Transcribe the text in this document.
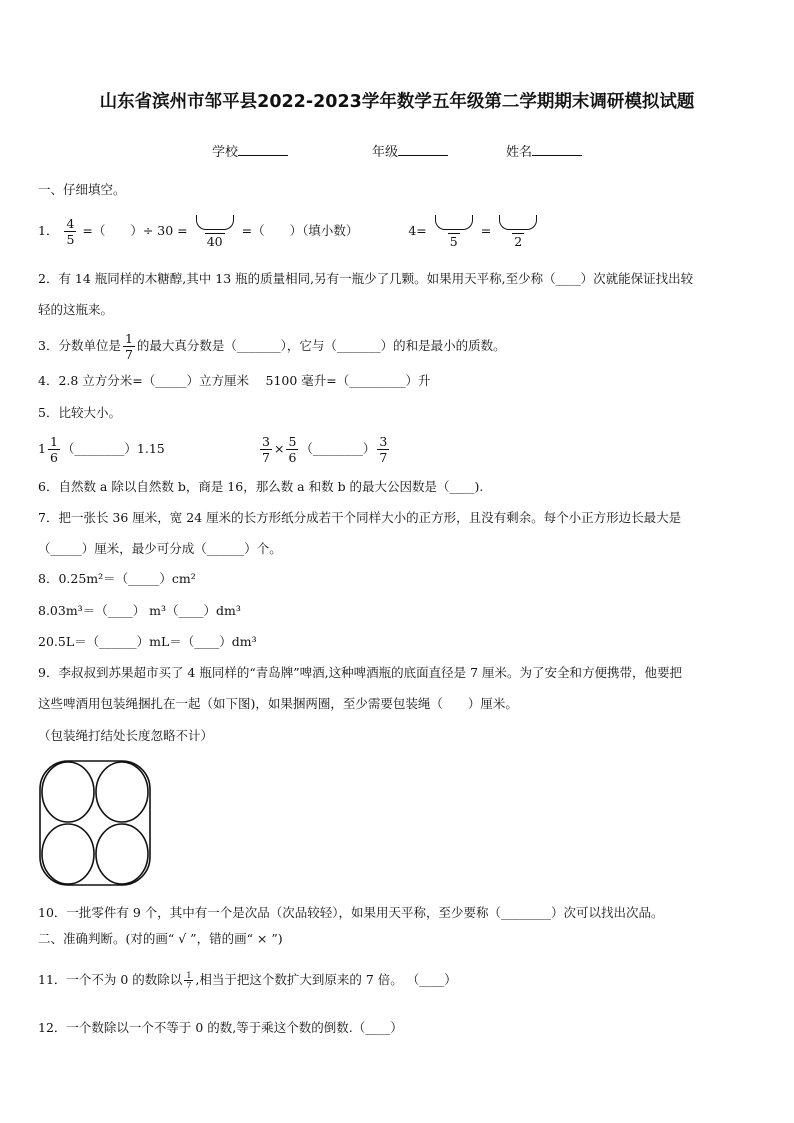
山东省滨州市邹平县2022-2023学年数学五年级第二学期期末调研模拟试题
学校	年级	姓名
一、仔细填空。
1． $\frac{4}{5}$ =（　　）÷ 30 =
40
=（　　）（填小数）	4=
5
=
2
2．有 14 瓶同样的木糖醇,其中 13 瓶的质量相同,另有一瓶少了几颗。如果用天平称,至少称（____）次就能保证找出较
轻的这瓶来。
3．分数单位是 $\frac{1}{7}$ 的最大真分数是（_______），它与（_______）的和是最小的质数。
4．2.8 立方分米=（_____）立方厘米　 5100 毫升=（_________）升
5．比较大小。
$1 \frac{1}{6}$ （________）1.15	$\frac{3}{7} \times \frac{5}{6}$ （________） $\frac{3}{7}$
6．自然数 a 除以自然数 b，商是 16，那么数 a 和数 b 的最大公因数是（____).
7．把一张长 36 厘米，宽 24 厘米的长方形纸分成若干个同样大小的正方形，且没有剩余。每个小正方形边长最大是
（_____）厘米，最少可分成（______）个。
8．0.25m²＝（_____）cm²
8.03m³＝（____） m³（____）dm³
20.5L＝（______）mL＝（____）dm³
9．李叔叔到苏果超市买了 4 瓶同样的“青岛牌”啤酒,这种啤酒瓶的底面直径是 7 厘米。为了安全和方便携带，他要把
这些啤酒用包装绳捆扎在一起（如下图)，如果捆两圈，至少需要包装绳（　　）厘米。
（包装绳打结处长度忽略不计）
10．一批零件有 9 个，其中有一个是次品（次品较轻），如果用天平称，至少要称（________）次可以找出次品。
二、准确判断。(对的画“ √ ”，错的画“ × ”)
11．一个不为 0 的数除以 $\frac{1}{7}$ ,相当于把这个数扩大到原来的 7 倍。 （____）
12．一个数除以一个不等于 0 的数,等于乘这个数的倒数.（____）
